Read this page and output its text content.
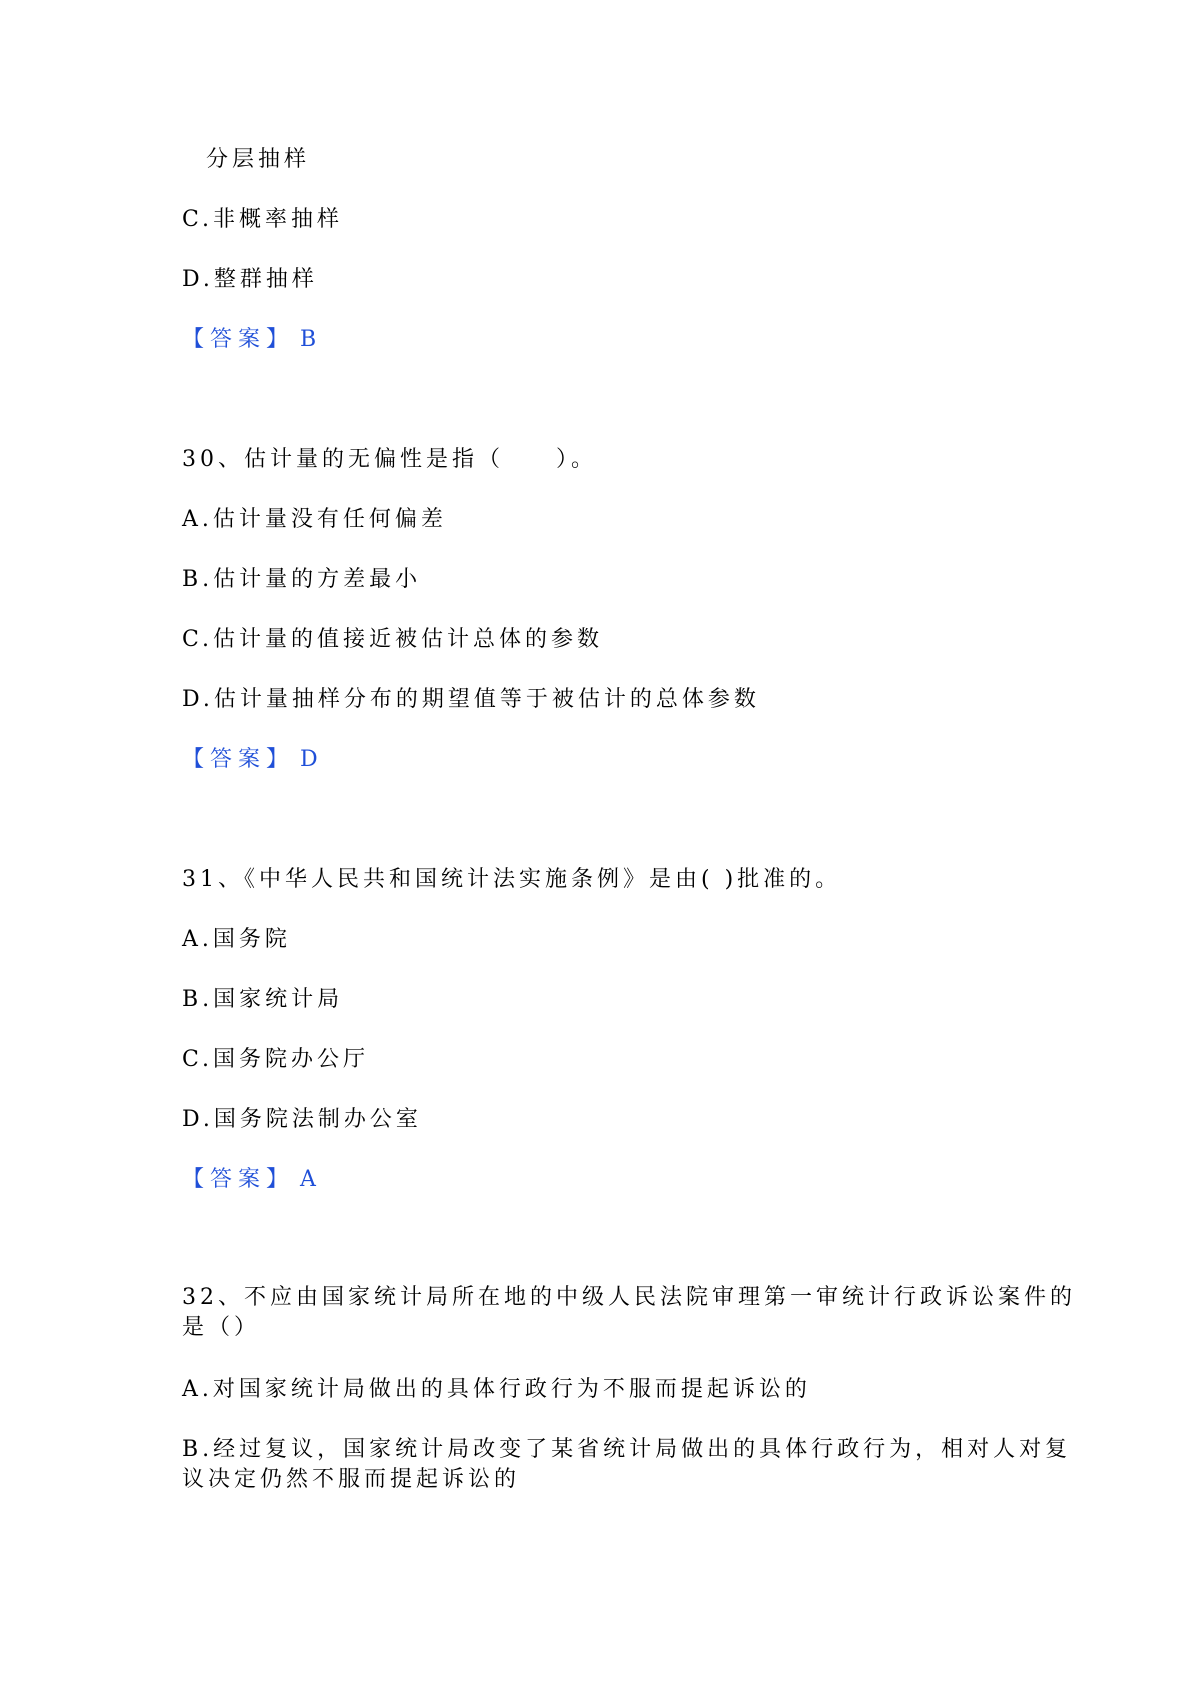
分层抽样
C.非概率抽样
D.整群抽样
【答案】 B
30、估计量的无偏性是指（　　）。
A.估计量没有任何偏差
B.估计量的方差最小
C.估计量的值接近被估计总体的参数
D.估计量抽样分布的期望值等于被估计的总体参数
【答案】 D
31、《中华人民共和国统计法实施条例》是由( )批准的。
A.国务院
B.国家统计局
C.国务院办公厅
D.国务院法制办公室
【答案】 A
32、不应由国家统计局所在地的中级人民法院审理第一审统计行政诉讼案件的
是（）
A.对国家统计局做出的具体行政行为不服而提起诉讼的
B.经过复议，国家统计局改变了某省统计局做出的具体行政行为，相对人对复
议决定仍然不服而提起诉讼的
